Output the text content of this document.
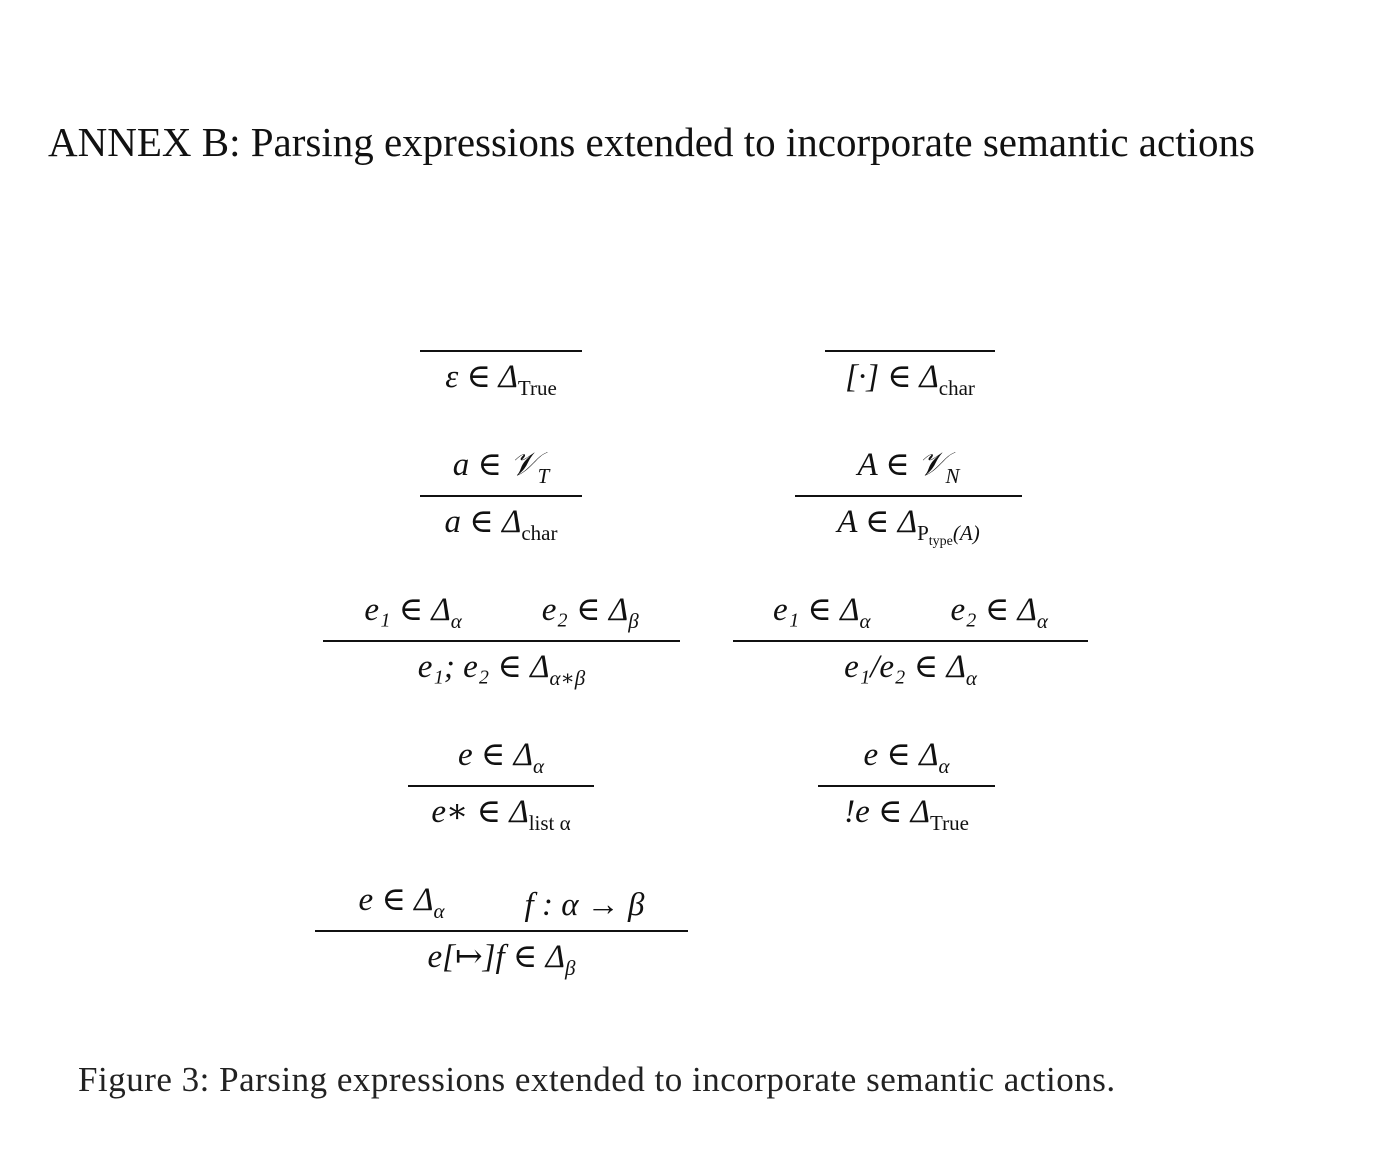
ANNEX B: Parsing expressions extended to incorporate semantic actions
ε ∈ ΔTrue	[·] ∈ Δchar
a ∈ 𝒱T
a ∈ Δchar
A ∈ 𝒱N
A ∈ ΔPtype(A)
e₁ ∈ Δα e₂ ∈ Δβ
e₁; e₂ ∈ Δα∗β
e₁ ∈ Δα e₂ ∈ Δα
e₁/e₂ ∈ Δα
e ∈ Δα
e∗ ∈ Δlist α
e ∈ Δα
!e ∈ ΔTrue
e ∈ Δα f : α → β
e[↦]f ∈ Δβ
Figure 3: Parsing expressions extended to incorporate semantic actions.
